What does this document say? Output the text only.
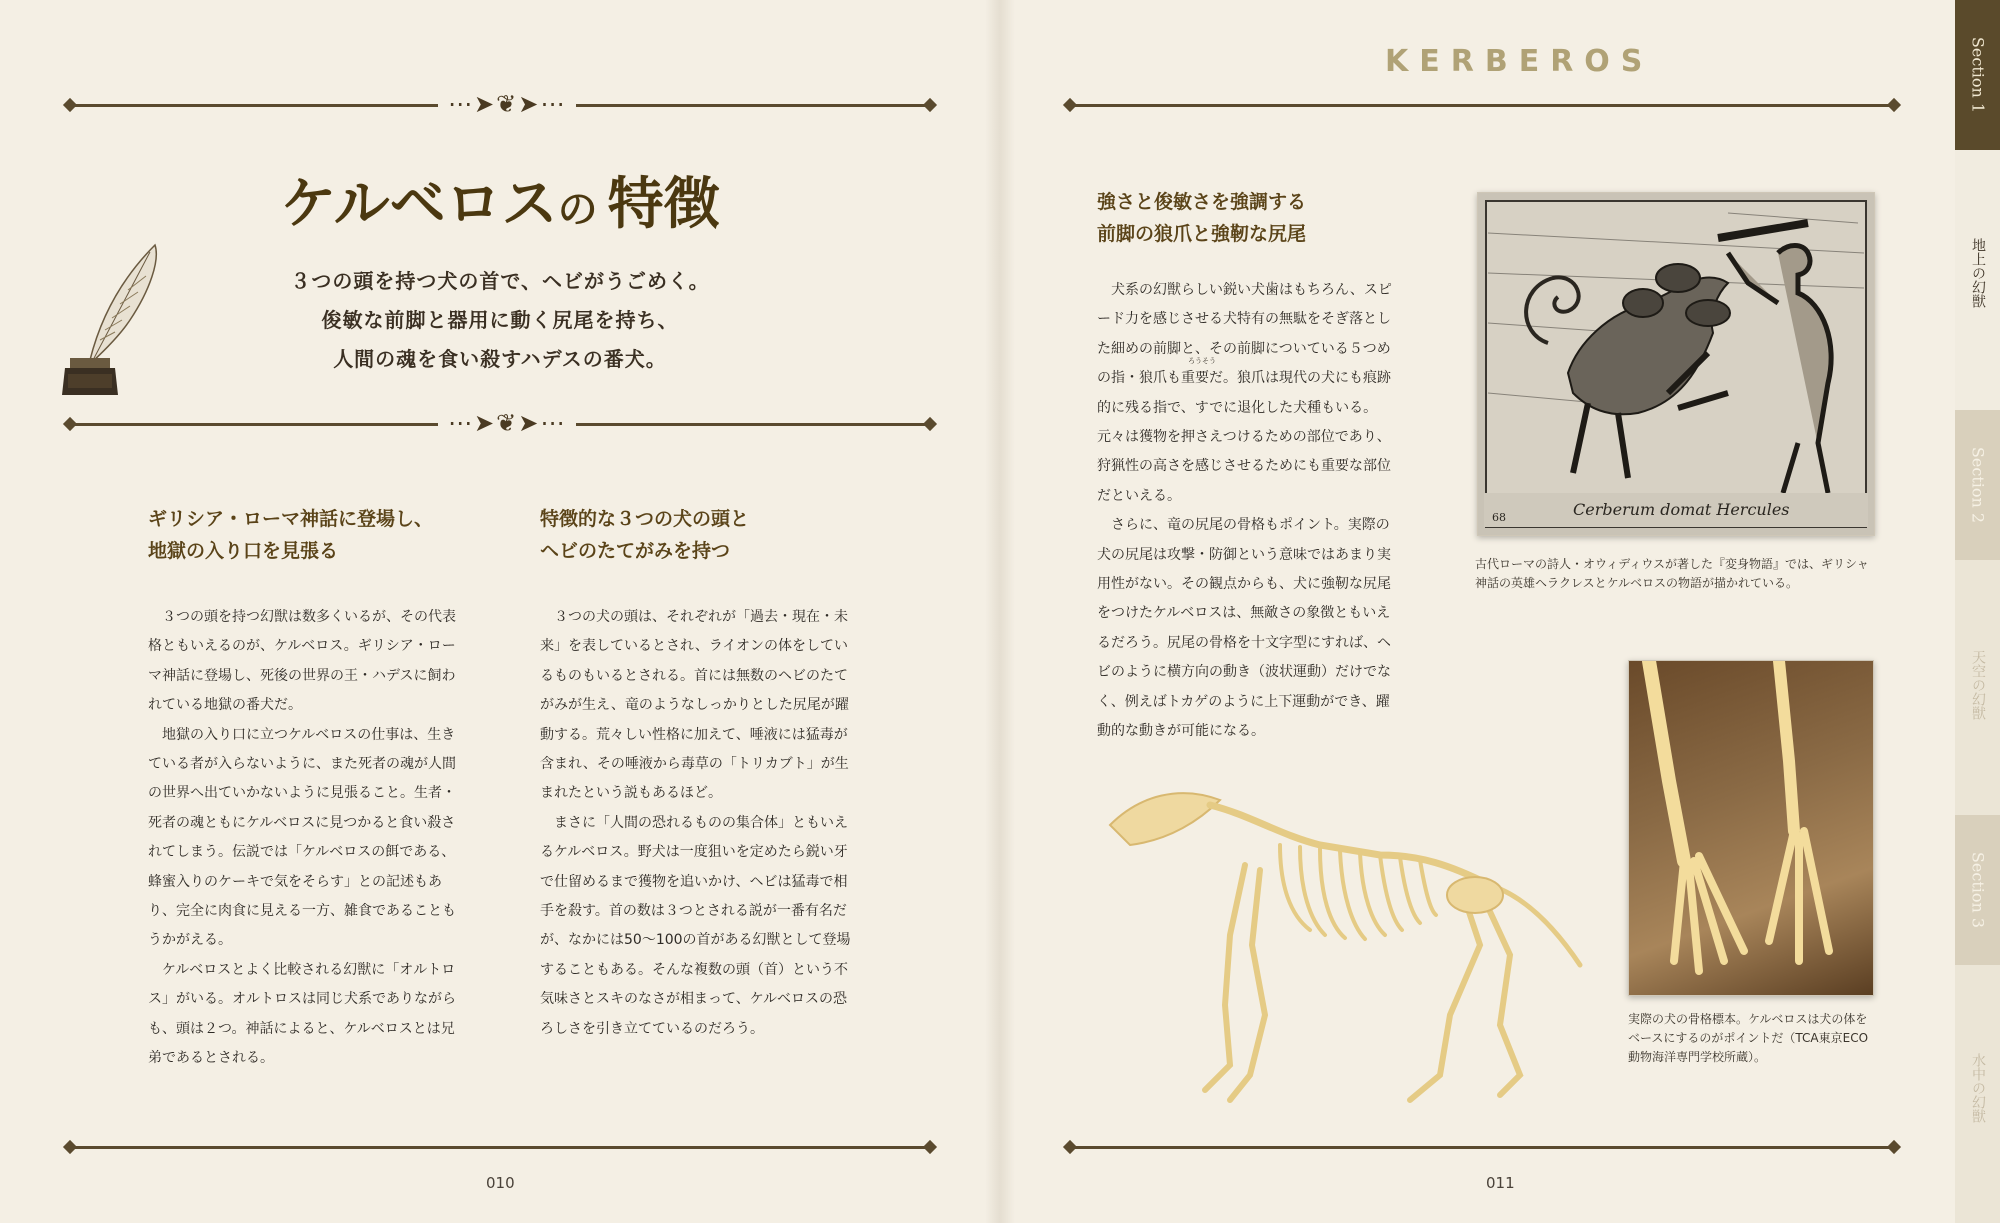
⋯➤❦➤⋯
⋯➤❦➤⋯
ケルベロスの 特徴
３つの頭を持つ犬の首で、ヘビがうごめく。
俊敏な前脚と器用に動く尻尾を持ち、
人間の魂を食い殺すハデスの番犬。
ギリシア・ローマ神話に登場し、
地獄の入り口を見張る

３つの頭を持つ幻獣は数多くいるが、その代表格ともいえるのが、ケルベロス。ギリシア・ローマ神話に登場し、死後の世界の王・ハデスに飼われている地獄の番犬だ。

地獄の入り口に立つケルベロスの仕事は、生きている者が入らないように、また死者の魂が人間の世界へ出ていかないように見張ること。生者・死者の魂ともにケルベロスに見つかると食い殺されてしまう。伝説では「ケルベロスの餌である、蜂蜜入りのケーキで気をそらす」との記述もあり、完全に肉食に見える一方、雑食であることもうかがえる。

ケルベロスとよく比較される幻獣に「オルトロス」がいる。オルトロスは同じ犬系でありながらも、頭は２つ。神話によると、ケルベロスとは兄弟であるとされる。

特徴的な３つの犬の頭と
ヘビのたてがみを持つ

３つの犬の頭は、それぞれが「過去・現在・未来」を表しているとされ、ライオンの体をしているものもいるとされる。首には無数のヘビのたてがみが生え、竜のようなしっかりとした尻尾が躍動する。荒々しい性格に加えて、唾液には猛毒が含まれ、その唾液から毒草の「トリカブト」が生まれたという説もあるほど。

まさに「人間の恐れるものの集合体」ともいえるケルベロス。野犬は一度狙いを定めたら鋭い牙で仕留めるまで獲物を追いかけ、ヘビは猛毒で相手を殺す。首の数は３つとされる説が一番有名だが、なかには50～100の首がある幻獣として登場することもある。そんな複数の頭（首）という不気味さとスキのなさが相まって、ケルベロスの恐ろしさを引き立てているのだろう。

010
KERBEROS
強さと俊敏さを強調する
前脚の狼爪と強靭な尻尾

犬系の幻獣らしい鋭い犬歯はもちろん、スピード力を感じさせる犬特有の無駄をそぎ落とした細めの前脚と、その前脚についている５つめの指・狼爪も重要だ。狼爪は現代の犬にも痕跡的に残る指で、すでに退化した犬種もいる。元々は獲物を押さえつけるための部位であり、狩猟性の高さを感じさせるためにも重要な部位だといえる。

さらに、竜の尻尾の骨格もポイント。実際の犬の尻尾は攻撃・防御という意味ではあまり実用性がない。その観点からも、犬に強靭な尻尾をつけたケルベロスは、無敵さの象徴ともいえるだろう。尻尾の骨格を十文字型にすれば、ヘビのように横方向の動き（波状運動）だけでなく、例えばトカゲのように上下運動ができ、躍動的な動きが可能になる。

ろうそう
68	Cerberum domat Hercules
古代ローマの詩人・オウィディウスが著した『変身物語』では、ギリシャ神話の英雄ヘラクレスとケルベロスの物語が描かれている。
実際の犬の骨格標本。ケルベロスは犬の体をベースにするのがポイントだ（TCA東京ECO動物海洋専門学校所蔵）。
011
Section 1
地上の幻獣
Section 2
天空の幻獣
Section 3
水中の幻獣
